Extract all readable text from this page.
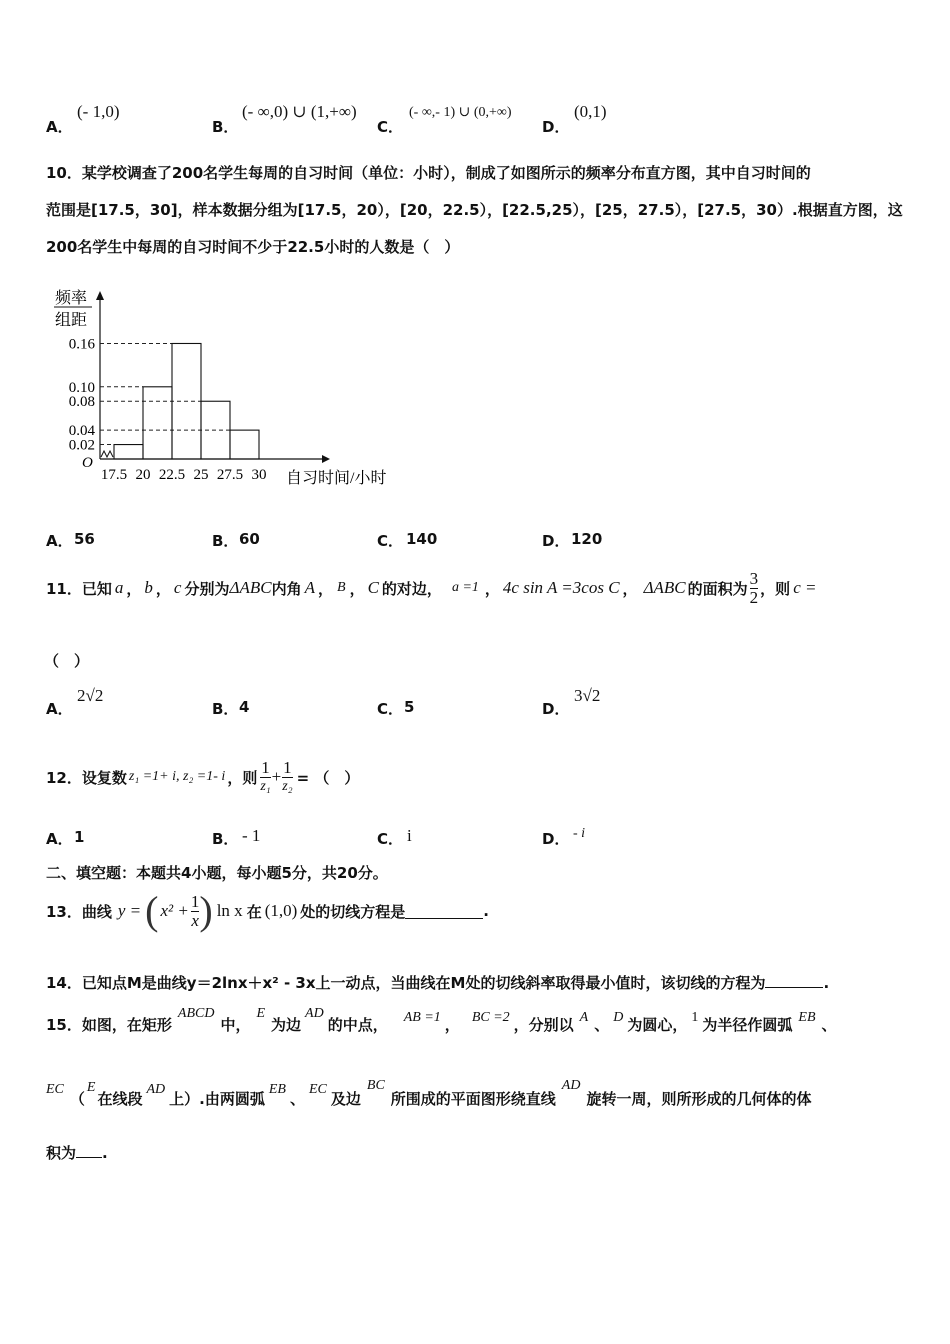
A．
(- 1,0)
B．
(- ∞,0) ∪ (1,+∞)
C．
(- ∞,- 1) ∪ (0,+∞)
D．
(0,1)
10．某学校调查了200名学生每周的自习时间（单位：小时），制成了如图所示的频率分布直方图，其中自习时间的
范围是[17.5，30]，样本数据分组为[17.5，20），[20，22.5），[22.5,25），[25，27.5），[27.5，30）.根据直方图，这
200名学生中每周的自习时间不少于22.5小时的人数是（　）
频率
组距
O
自习时间/小时
0.16
0.10
0.08
0.04
0.02
17.5 20 22.5 25 27.5 30
A． 56	B． 60	C． 140	D． 120
11． 已知 a ， b ， c 分别为 ΔABC 内角 A ， B ， C 的对边， a =1 ， 4c sin A =3cos C ， ΔABC 的面积为 $\frac{3}{2}$ ，则 c =
（　）
A．
2√2
B． 4	C． 5	D．
3√2
12． 设复数 z₁ =1+ i, z₂ =1- i ，则 $\frac{1}{\text{z₁}} + \frac{1}{\text{z₂}}$ = （　）
A． 1	B． - 1	C． i	D． - i
二、填空题：本题共4小题，每小题5分，共20分。
13． 曲线 y = ( $x^2 + \frac{1}{x}$ ) ln x 在 (1,0) 处的切线方程是	.
14．已知点M是曲线y＝2lnx＋x² - 3x上一动点，当曲线在M处的切线斜率取得最小值时，该切线的方程为	.
15． 如图，在矩形
ABCD
中，
E
为边
AD
的中点， AB =1 ， BC =2 ，分别以 A 、 D 为圆心， 1 为半径作圆弧 EB 、
EC （
E
在线段 AD 上）.由两圆弧 EB 、 EC 及边
BC
所围成的平面图形绕直线
AD
旋转一周，则所形成的几何体的体
积为 .
